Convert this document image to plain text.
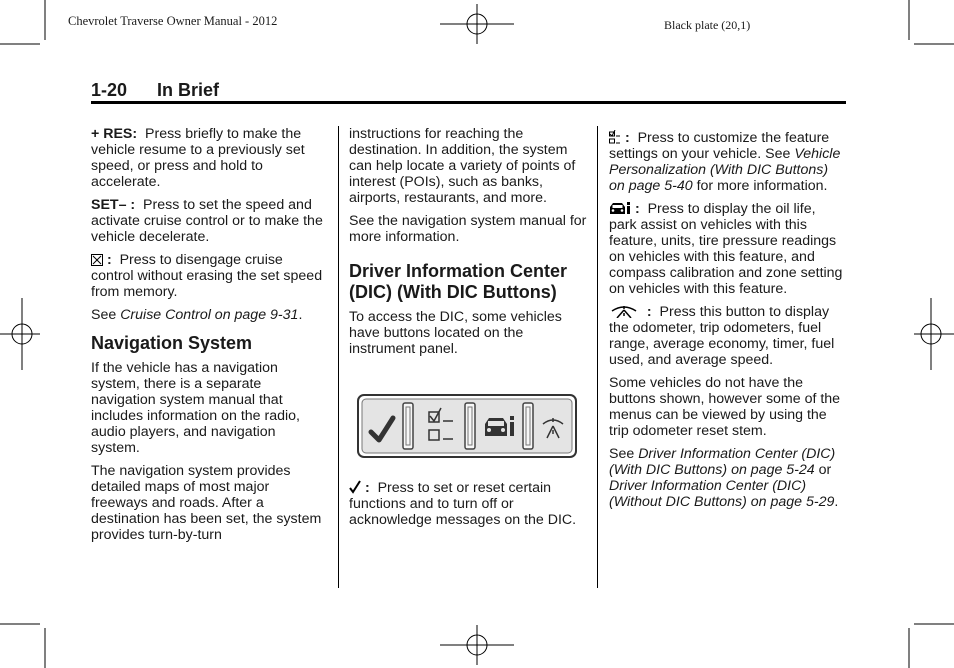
Chevrolet Traverse Owner Manual - 2012	Black plate (20,1)
1-20 In Brief

+ RES: Press briefly to make the vehicle resume to a previously set speed, or press and hold to accelerate.

SET– : Press to set the speed and activate cruise control or to make the vehicle decelerate.

: Press to disengage cruise control without erasing the set speed from memory.

See Cruise Control on page 9-31.

Navigation System

If the vehicle has a navigation system, there is a separate navigation system manual that includes information on the radio, audio players, and navigation system.

The navigation system provides detailed maps of most major freeways and roads. After a destination has been set, the system provides turn-by-turn

instructions for reaching the destination. In addition, the system can help locate a variety of points of interest (POIs), such as banks, airports, restaurants, and more.

See the navigation system manual for more information.

Driver Information Center (DIC) (With DIC Buttons)

To access the DIC, some vehicles have buttons located on the instrument panel.

: Press to set or reset certain functions and to turn off or acknowledge messages on the DIC.

: Press to customize the feature settings on your vehicle. See Vehicle Personalization (With DIC Buttons) on page 5-40 for more information.

: Press to display the oil life, park assist on vehicles with this feature, units, tire pressure readings on vehicles with this feature, and compass calibration and zone setting on vehicles with this feature.

: Press this button to display the odometer, trip odometers, fuel range, average economy, timer, fuel used, and average speed.

Some vehicles do not have the buttons shown, however some of the menus can be viewed by using the trip odometer reset stem.

See Driver Information Center (DIC) (With DIC Buttons) on page 5-24 or Driver Information Center (DIC) (Without DIC Buttons) on page 5-29.
